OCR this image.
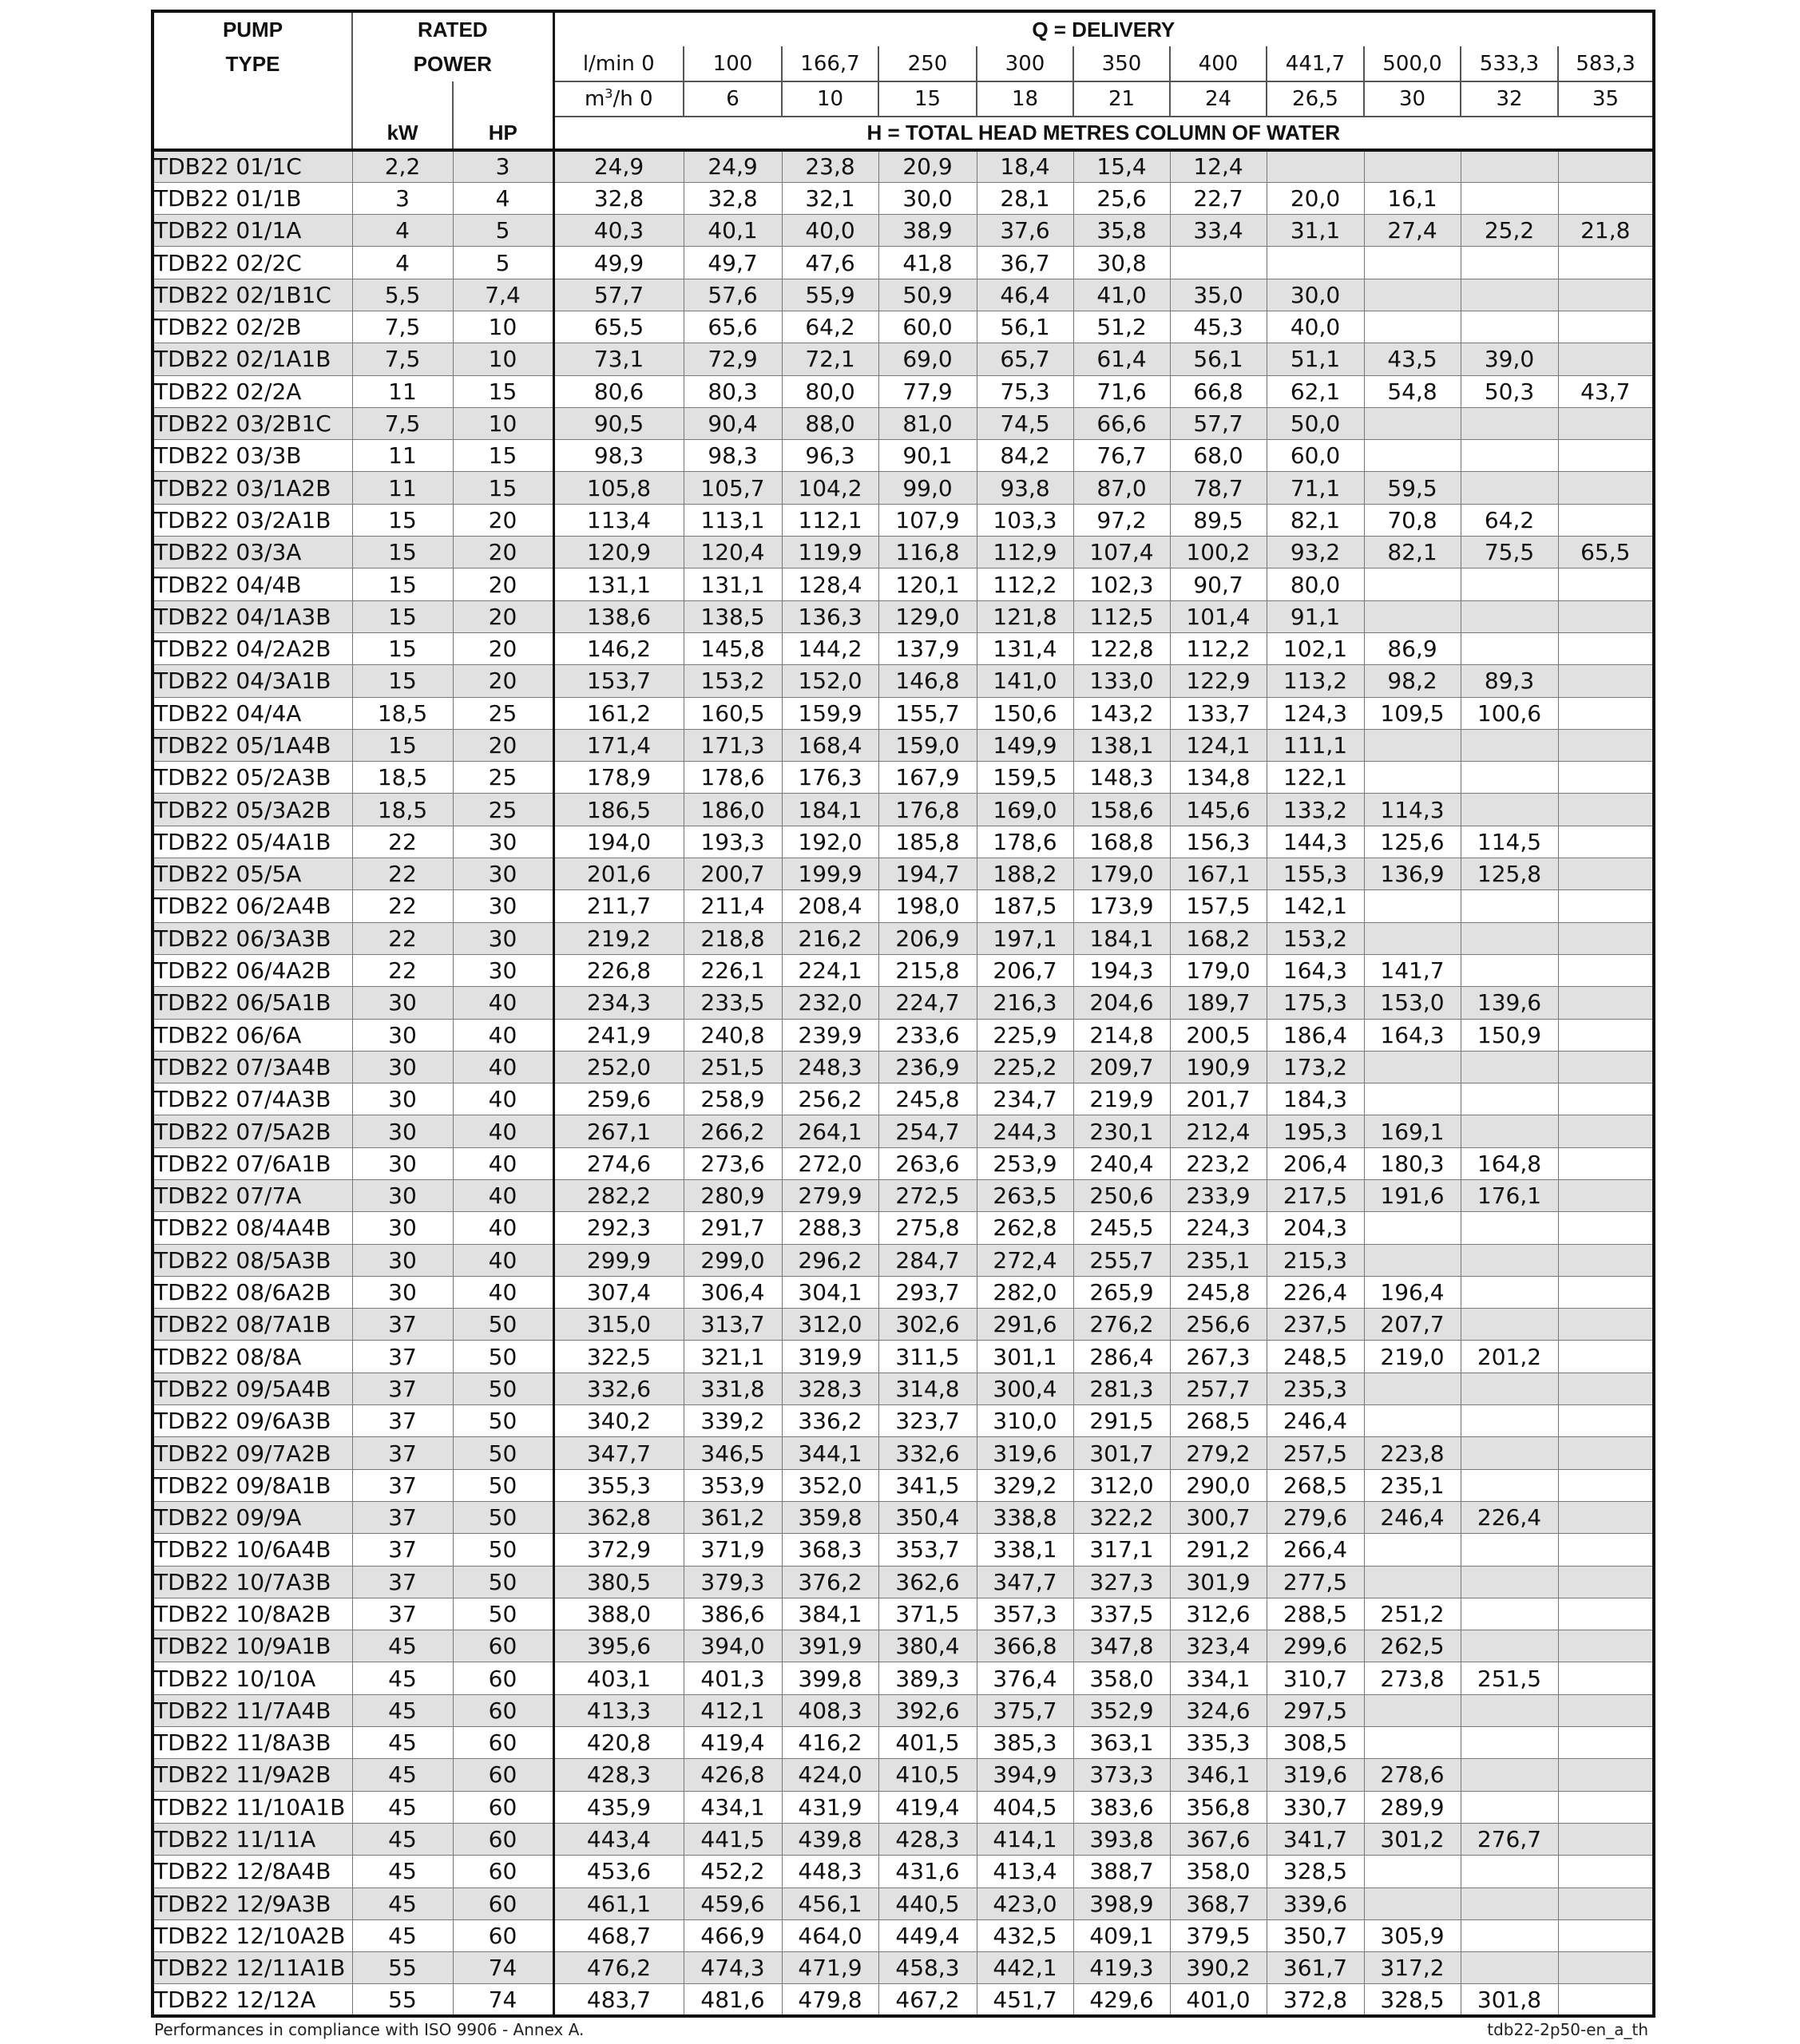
PUMP	RATED		Q = DELIVERY										
TYPE	POWER		l/min 0	100	166,7	250	300	350	400	441,7	500,0	533,3	583,3
			$m^3/h$ 0	6	10	15	18	21	24	26,5	30	32	35
	kW	HP	H = TOTAL HEAD METRES COLUMN OF WATER										
TDB22 01/1C	2,2	3	24,9	24,9	23,8	20,9	18,4	15,4	12,4				
TDB22 01/1B	3	4	32,8	32,8	32,1	30,0	28,1	25,6	22,7	20,0	16,1		
TDB22 01/1A	4	5	40,3	40,1	40,0	38,9	37,6	35,8	33,4	31,1	27,4	25,2	21,8
TDB22 02/2C	4	5	49,9	49,7	47,6	41,8	36,7	30,8					
TDB22 02/1B1C	5,5	7,4	57,7	57,6	55,9	50,9	46,4	41,0	35,0	30,0			
TDB22 02/2B	7,5	10	65,5	65,6	64,2	60,0	56,1	51,2	45,3	40,0			
TDB22 02/1A1B	7,5	10	73,1	72,9	72,1	69,0	65,7	61,4	56,1	51,1	43,5	39,0	
TDB22 02/2A	11	15	80,6	80,3	80,0	77,9	75,3	71,6	66,8	62,1	54,8	50,3	43,7
TDB22 03/2B1C	7,5	10	90,5	90,4	88,0	81,0	74,5	66,6	57,7	50,0			
TDB22 03/3B	11	15	98,3	98,3	96,3	90,1	84,2	76,7	68,0	60,0			
TDB22 03/1A2B	11	15	105,8	105,7	104,2	99,0	93,8	87,0	78,7	71,1	59,5		
TDB22 03/2A1B	15	20	113,4	113,1	112,1	107,9	103,3	97,2	89,5	82,1	70,8	64,2	
TDB22 03/3A	15	20	120,9	120,4	119,9	116,8	112,9	107,4	100,2	93,2	82,1	75,5	65,5
TDB22 04/4B	15	20	131,1	131,1	128,4	120,1	112,2	102,3	90,7	80,0			
TDB22 04/1A3B	15	20	138,6	138,5	136,3	129,0	121,8	112,5	101,4	91,1			
TDB22 04/2A2B	15	20	146,2	145,8	144,2	137,9	131,4	122,8	112,2	102,1	86,9		
TDB22 04/3A1B	15	20	153,7	153,2	152,0	146,8	141,0	133,0	122,9	113,2	98,2	89,3	
TDB22 04/4A	18,5	25	161,2	160,5	159,9	155,7	150,6	143,2	133,7	124,3	109,5	100,6	
TDB22 05/1A4B	15	20	171,4	171,3	168,4	159,0	149,9	138,1	124,1	111,1			
TDB22 05/2A3B	18,5	25	178,9	178,6	176,3	167,9	159,5	148,3	134,8	122,1			
TDB22 05/3A2B	18,5	25	186,5	186,0	184,1	176,8	169,0	158,6	145,6	133,2	114,3		
TDB22 05/4A1B	22	30	194,0	193,3	192,0	185,8	178,6	168,8	156,3	144,3	125,6	114,5	
TDB22 05/5A	22	30	201,6	200,7	199,9	194,7	188,2	179,0	167,1	155,3	136,9	125,8	
TDB22 06/2A4B	22	30	211,7	211,4	208,4	198,0	187,5	173,9	157,5	142,1			
TDB22 06/3A3B	22	30	219,2	218,8	216,2	206,9	197,1	184,1	168,2	153,2			
TDB22 06/4A2B	22	30	226,8	226,1	224,1	215,8	206,7	194,3	179,0	164,3	141,7		
TDB22 06/5A1B	30	40	234,3	233,5	232,0	224,7	216,3	204,6	189,7	175,3	153,0	139,6	
TDB22 06/6A	30	40	241,9	240,8	239,9	233,6	225,9	214,8	200,5	186,4	164,3	150,9	
TDB22 07/3A4B	30	40	252,0	251,5	248,3	236,9	225,2	209,7	190,9	173,2			
TDB22 07/4A3B	30	40	259,6	258,9	256,2	245,8	234,7	219,9	201,7	184,3			
TDB22 07/5A2B	30	40	267,1	266,2	264,1	254,7	244,3	230,1	212,4	195,3	169,1		
TDB22 07/6A1B	30	40	274,6	273,6	272,0	263,6	253,9	240,4	223,2	206,4	180,3	164,8	
TDB22 07/7A	30	40	282,2	280,9	279,9	272,5	263,5	250,6	233,9	217,5	191,6	176,1	
TDB22 08/4A4B	30	40	292,3	291,7	288,3	275,8	262,8	245,5	224,3	204,3			
TDB22 08/5A3B	30	40	299,9	299,0	296,2	284,7	272,4	255,7	235,1	215,3			
TDB22 08/6A2B	30	40	307,4	306,4	304,1	293,7	282,0	265,9	245,8	226,4	196,4		
TDB22 08/7A1B	37	50	315,0	313,7	312,0	302,6	291,6	276,2	256,6	237,5	207,7		
TDB22 08/8A	37	50	322,5	321,1	319,9	311,5	301,1	286,4	267,3	248,5	219,0	201,2	
TDB22 09/5A4B	37	50	332,6	331,8	328,3	314,8	300,4	281,3	257,7	235,3			
TDB22 09/6A3B	37	50	340,2	339,2	336,2	323,7	310,0	291,5	268,5	246,4			
TDB22 09/7A2B	37	50	347,7	346,5	344,1	332,6	319,6	301,7	279,2	257,5	223,8		
TDB22 09/8A1B	37	50	355,3	353,9	352,0	341,5	329,2	312,0	290,0	268,5	235,1		
TDB22 09/9A	37	50	362,8	361,2	359,8	350,4	338,8	322,2	300,7	279,6	246,4	226,4	
TDB22 10/6A4B	37	50	372,9	371,9	368,3	353,7	338,1	317,1	291,2	266,4			
TDB22 10/7A3B	37	50	380,5	379,3	376,2	362,6	347,7	327,3	301,9	277,5			
TDB22 10/8A2B	37	50	388,0	386,6	384,1	371,5	357,3	337,5	312,6	288,5	251,2		
TDB22 10/9A1B	45	60	395,6	394,0	391,9	380,4	366,8	347,8	323,4	299,6	262,5		
TDB22 10/10A	45	60	403,1	401,3	399,8	389,3	376,4	358,0	334,1	310,7	273,8	251,5	
TDB22 11/7A4B	45	60	413,3	412,1	408,3	392,6	375,7	352,9	324,6	297,5			
TDB22 11/8A3B	45	60	420,8	419,4	416,2	401,5	385,3	363,1	335,3	308,5			
TDB22 11/9A2B	45	60	428,3	426,8	424,0	410,5	394,9	373,3	346,1	319,6	278,6		
TDB22 11/10A1B	45	60	435,9	434,1	431,9	419,4	404,5	383,6	356,8	330,7	289,9		
TDB22 11/11A	45	60	443,4	441,5	439,8	428,3	414,1	393,8	367,6	341,7	301,2	276,7	
TDB22 12/8A4B	45	60	453,6	452,2	448,3	431,6	413,4	388,7	358,0	328,5			
TDB22 12/9A3B	45	60	461,1	459,6	456,1	440,5	423,0	398,9	368,7	339,6			
TDB22 12/10A2B	45	60	468,7	466,9	464,0	449,4	432,5	409,1	379,5	350,7	305,9		
TDB22 12/11A1B	55	74	476,2	474,3	471,9	458,3	442,1	419,3	390,2	361,7	317,2		
TDB22 12/12A	55	74	483,7	481,6	479,8	467,2	451,7	429,6	401,0	372,8	328,5	301,8	
Performances in compliance with ISO 9906 - Annex A.	tdb22-2p50-en_a_th
